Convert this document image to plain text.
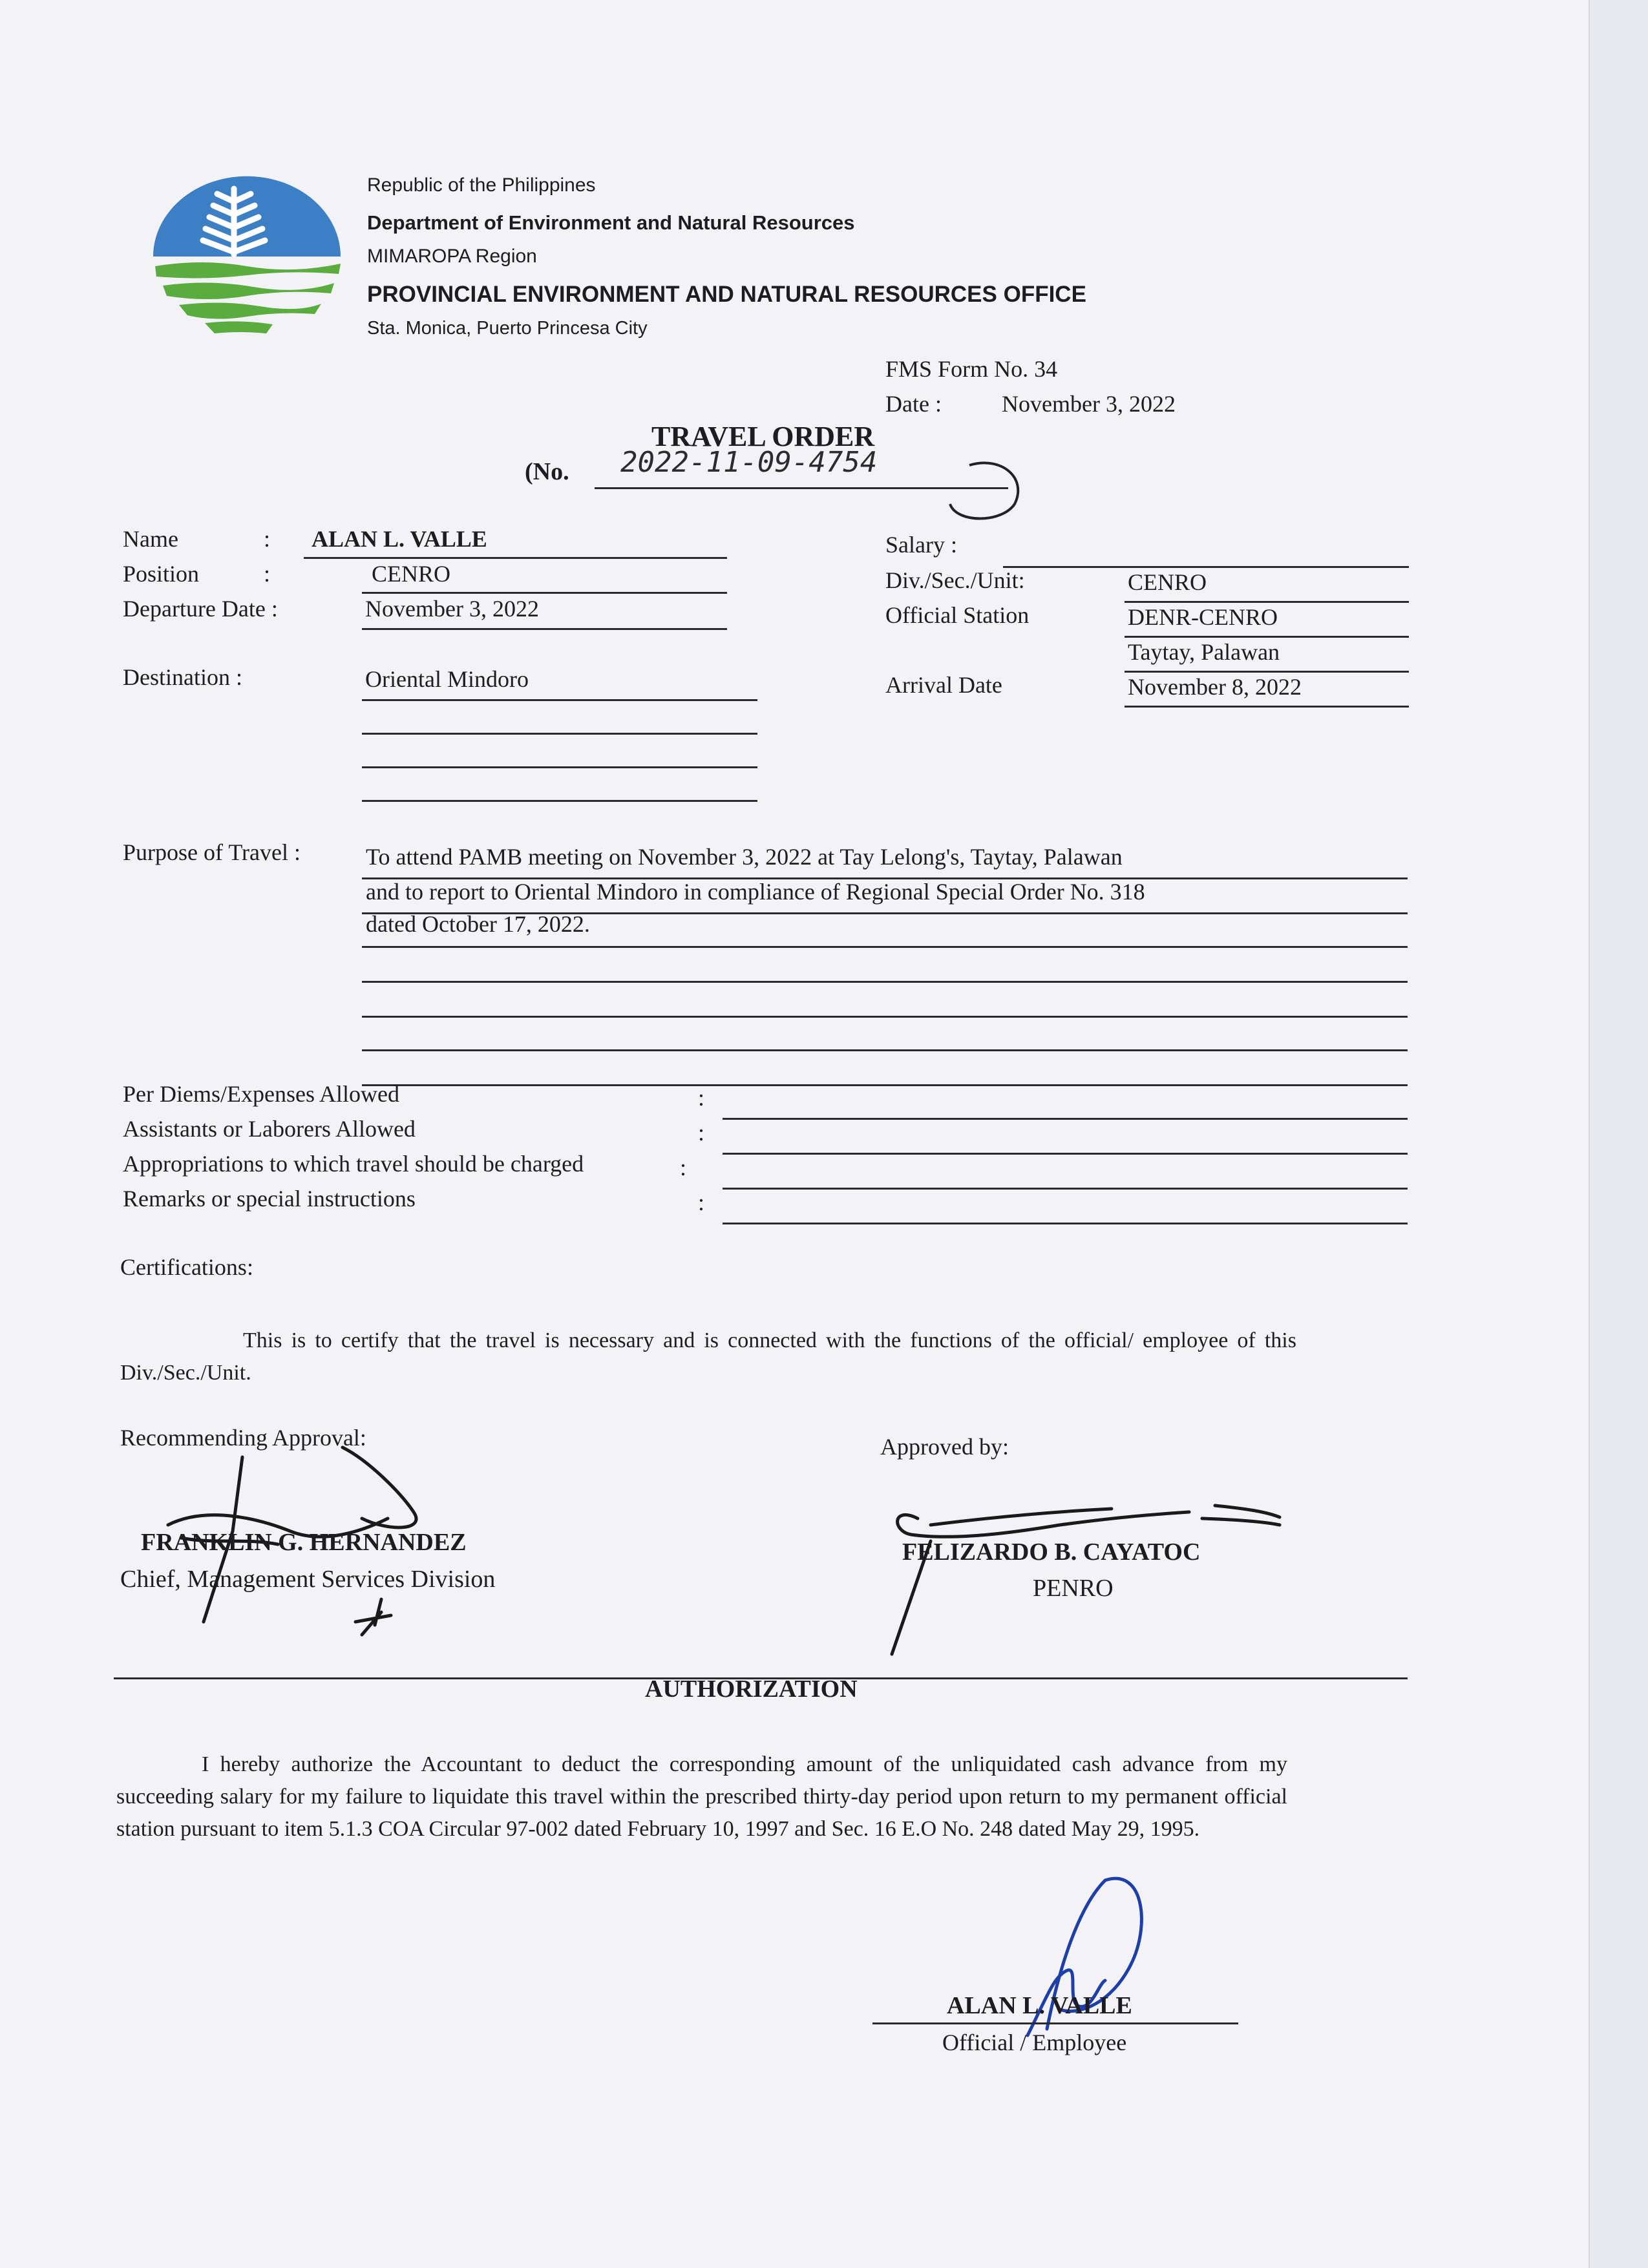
Republic of the Philippines
Department of Environment and Natural Resources
MIMAROPA Region
PROVINCIAL ENVIRONMENT AND NATURAL RESOURCES OFFICE
Sta. Monica, Puerto Princesa City
FMS Form No. 34
Date :	November 3, 2022
TRAVEL ORDER
(No. 2022-11-09-4754
Name	: ALAN L. VALLE
Position	:	CENRO
Departure Date :	November 3, 2022
Destination :	Oriental Mindoro
Salary :
Div./Sec./Unit:	CENRO
Official Station	DENR-CENRO
Taytay, Palawan
Arrival Date	November 8, 2022
Purpose of Travel :	To attend PAMB meeting on November 3, 2022 at Tay Lelong's, Taytay, Palawan
and to report to Oriental Mindoro in compliance of Regional Special Order No. 318
dated October 17, 2022.
Per Diems/Expenses Allowed	:
Assistants or Laborers Allowed	:
Appropriations to which travel should be charged	:
Remarks or special instructions	:
Certifications:
This is to certify that the travel is necessary and is connected with the functions of the official/ employee of this Div./Sec./Unit.
Recommending Approval:
FRANKLIN G. HERNANDEZ
Chief, Management Services Division
Approved by:
FELIZARDO B. CAYATOC
PENRO
AUTHORIZATION
I hereby authorize the Accountant to deduct the corresponding amount of the unliquidated cash advance from my succeeding salary for my failure to liquidate this travel within the prescribed thirty-day period upon return to my permanent official station pursuant to item 5.1.3 COA Circular 97-002 dated February 10, 1997 and Sec. 16 E.O No. 248 dated May 29, 1995.
ALAN L. VALLE
Official / Employee
